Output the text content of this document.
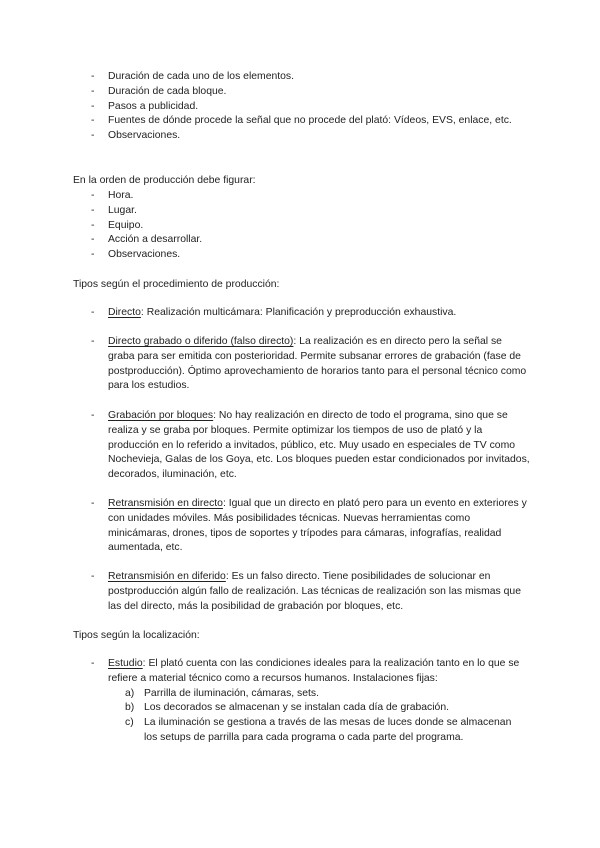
- Duración de cada uno de los elementos.
- Duración de cada bloque.
- Pasos a publicidad.
- Fuentes de dónde procede la señal que no procede del plató: Vídeos, EVS, enlace, etc.
- Observaciones.

En la orden de producción debe figurar:

- Hora.
- Lugar.
- Equipo.
- Acción a desarrollar.
- Observaciones.

Tipos según el procedimiento de producción:

- Directo: Realización multicámara: Planificación y preproducción exhaustiva.
- Directo grabado o diferido (falso directo): La realización es en directo pero la señal se graba para ser emitida con posterioridad. Permite subsanar errores de grabación (fase de postproducción). Óptimo aprovechamiento de horarios tanto para el personal técnico como para los estudios.
- Grabación por bloques: No hay realización en directo de todo el programa, sino que se realiza y se graba por bloques. Permite optimizar los tiempos de uso de plató y la producción en lo referido a invitados, público, etc. Muy usado en especiales de TV como Nochevieja, Galas de los Goya, etc. Los bloques pueden estar condicionados por invitados, decorados, iluminación, etc.
- Retransmisión en directo: Igual que un directo en plató pero para un evento en exteriores y con unidades móviles. Más posibilidades técnicas. Nuevas herramientas como minicámaras, drones, tipos de soportes y trípodes para cámaras, infografías, realidad aumentada, etc.
- Retransmisión en diferido: Es un falso directo. Tiene posibilidades de solucionar en postproducción algún fallo de realización. Las técnicas de realización son las mismas que las del directo, más la posibilidad de grabación por bloques, etc.

Tipos según la localización:

- Estudio: El plató cuenta con las condiciones ideales para la realización tanto en lo que se refiere a material técnico como a recursos humanos. Instalaciones fijas:
a) Parrilla de iluminación, cámaras, sets.
b) Los decorados se almacenan y se instalan cada día de grabación.
c) La iluminación se gestiona a través de las mesas de luces donde se almacenan los setups de parrilla para cada programa o cada parte del programa.
